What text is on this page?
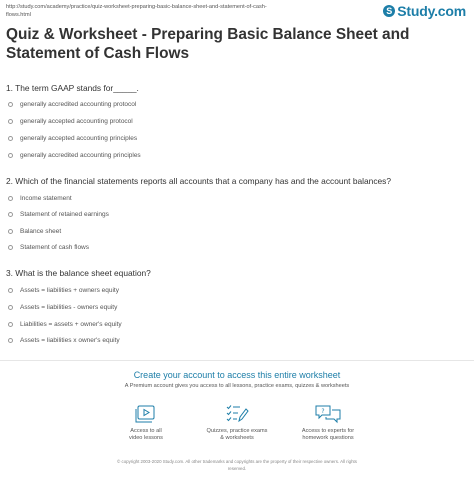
http://study.com/academy/practice/quiz-worksheet-preparing-basic-balance-sheet-and-statement-of-cash-
flows.html	S Study.com
Quiz & Worksheet - Preparing Basic Balance Sheet and
Statement of Cash Flows
1. The term GAAP stands for_____.
generally accredited accounting protocol
generally accepted accounting protocol
generally accepted accounting principles
generally accredited accounting principles
2. Which of the financial statements reports all accounts that a company has and the account balances?
Income statement
Statement of retained earnings
Balance sheet
Statement of cash flows
3. What is the balance sheet equation?
Assets = liabilities + owners equity
Assets = liabilities - owners equity
Liabilities = assets + owner's equity
Assets = liabilities x owner's equity
Create your account to access this entire worksheet
A Premium account gives you access to all lessons, practice exams, quizzes & worksheets
Access to all
video lessons
Quizzes, practice exams
& worksheets
?
Access to experts for
homework questions
© copyright 2003-2020 Study.com. All other trademarks and copyrights are the property of their respective owners. All rights
reserved.
